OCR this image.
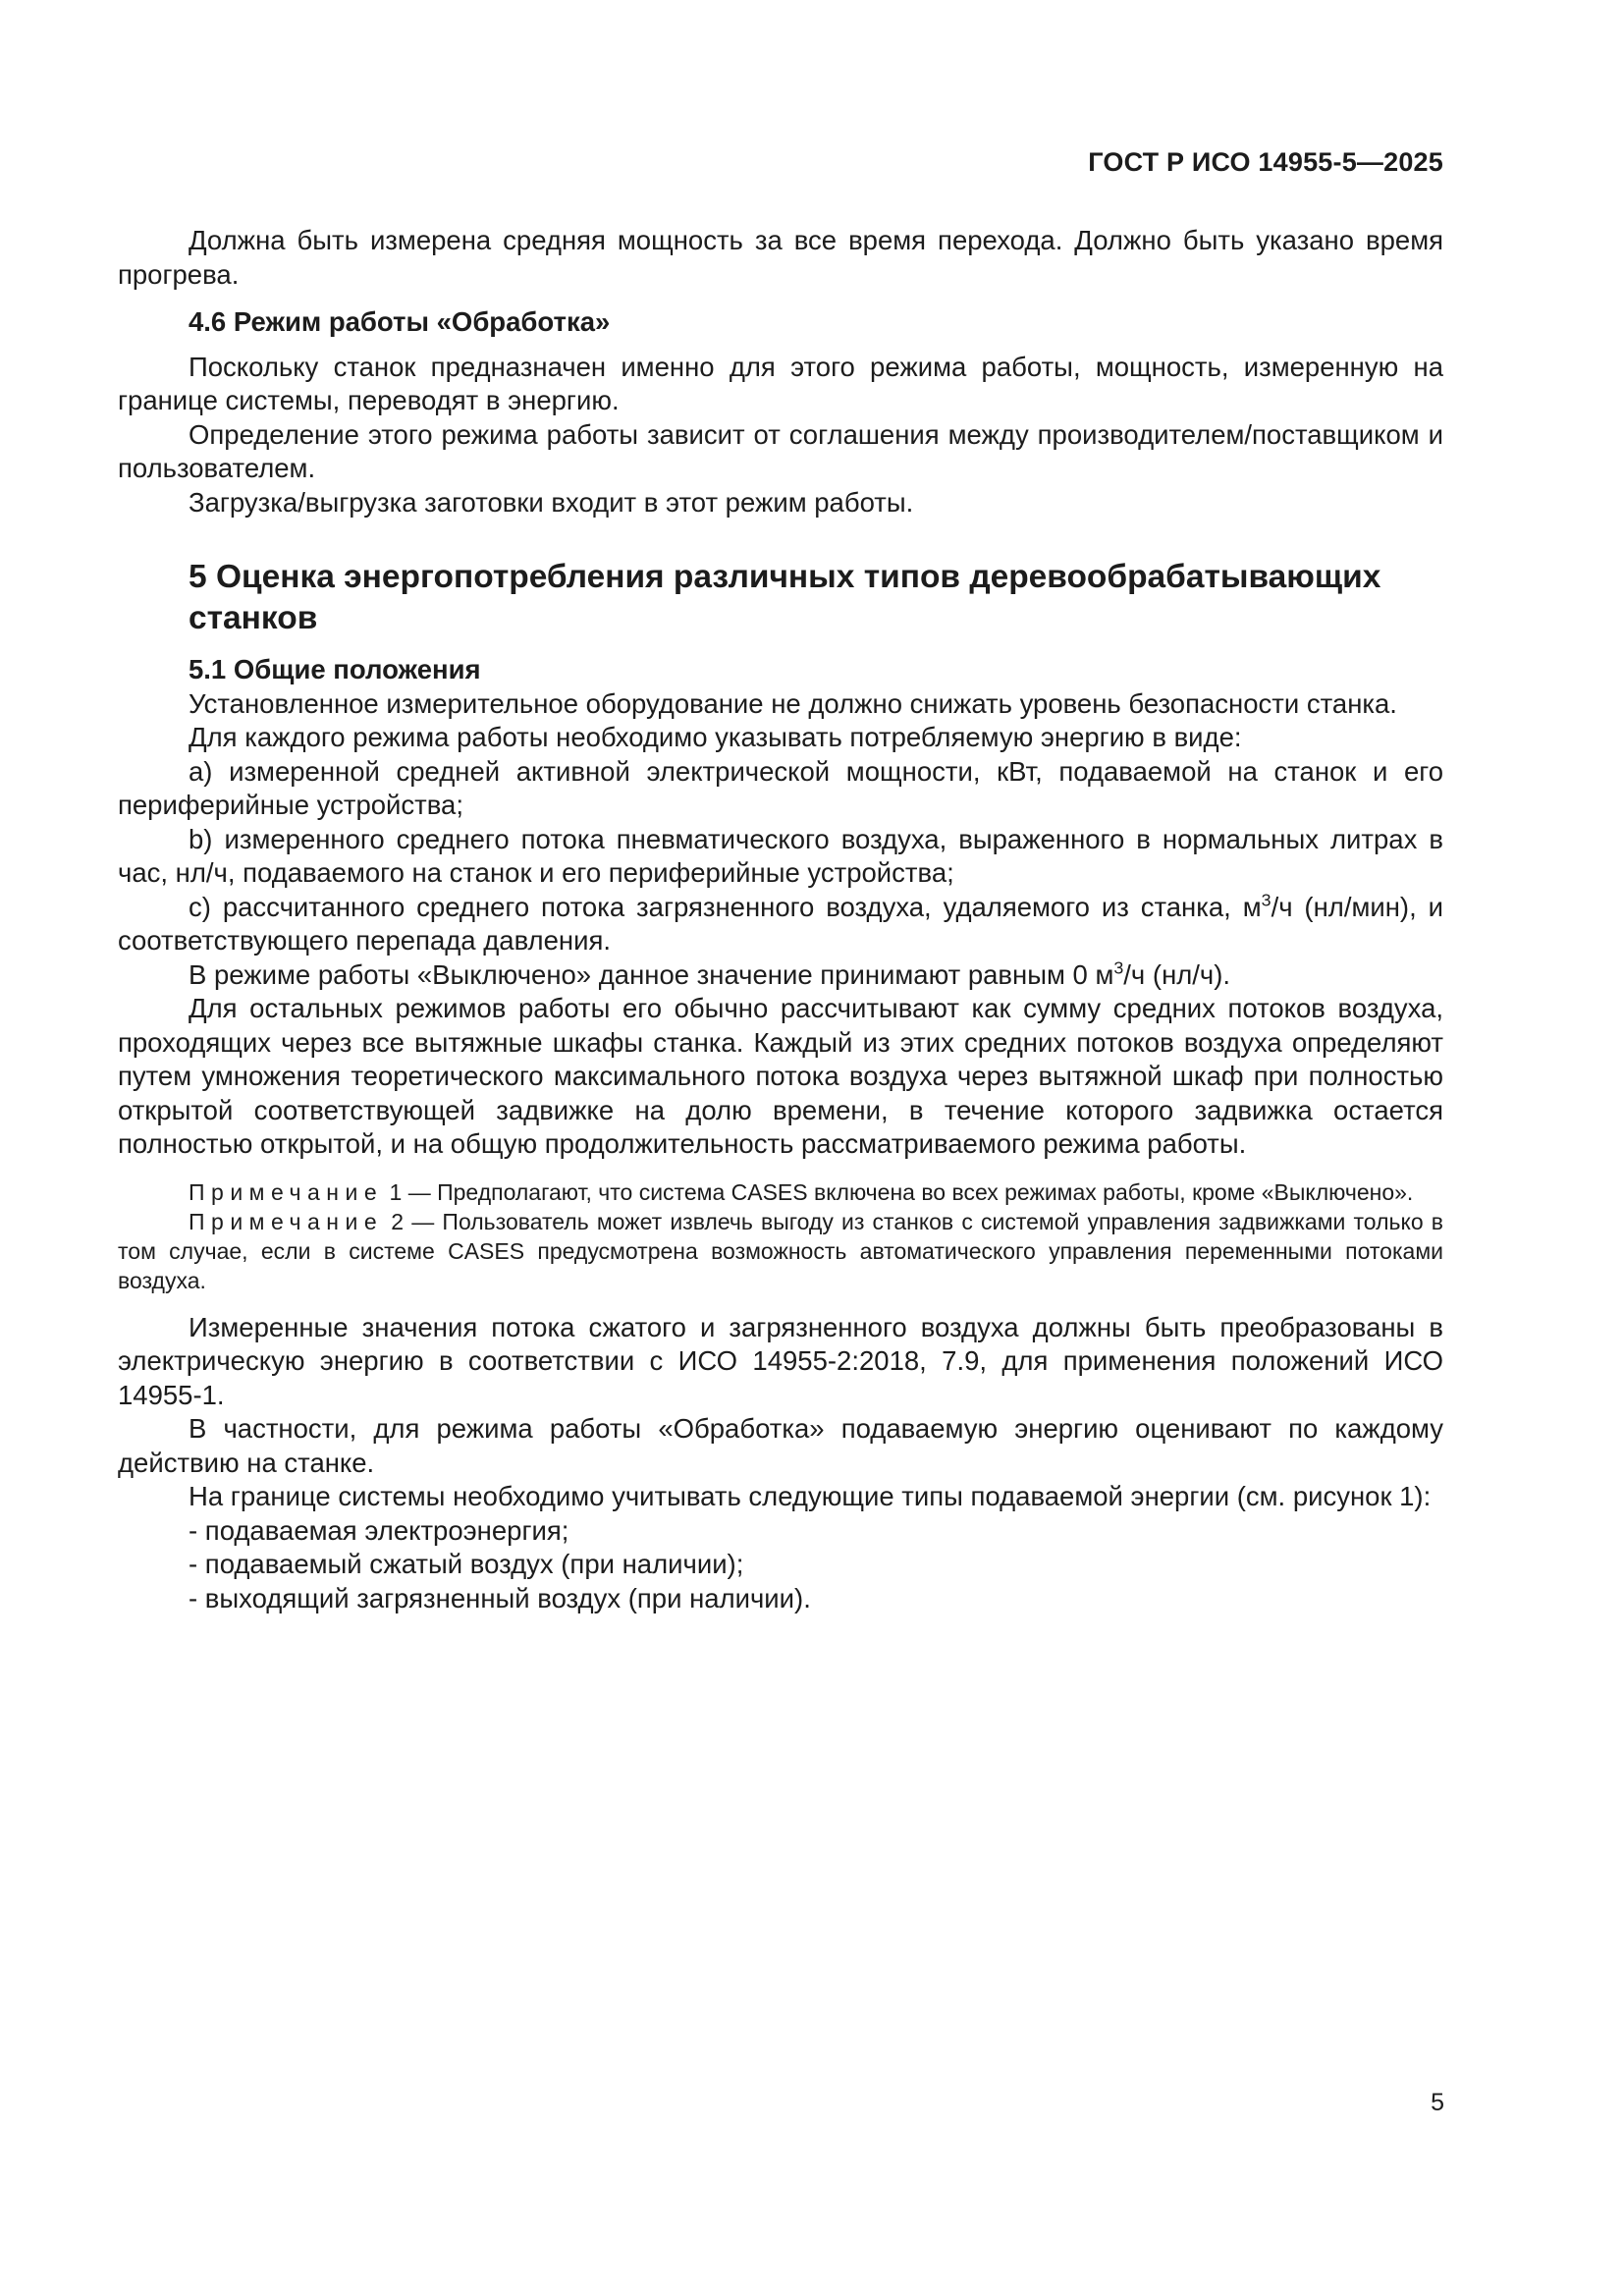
ГОСТ Р ИСО 14955-5—2025

Должна быть измерена средняя мощность за все время перехода. Должно быть указано время прогрева.

4.6 Режим работы «Обработка»

Поскольку станок предназначен именно для этого режима работы, мощность, измеренную на границе системы, переводят в энергию.

Определение этого режима работы зависит от соглашения между производителем/поставщиком и пользователем.

Загрузка/выгрузка заготовки входит в этот режим работы.

5 Оценка энергопотребления различных типов деревообрабатывающих станков

5.1 Общие положения

Установленное измерительное оборудование не должно снижать уровень безопасности станка.

Для каждого режима работы необходимо указывать потребляемую энергию в виде:

a) измеренной средней активной электрической мощности, кВт, подаваемой на станок и его периферийные устройства;

b) измеренного среднего потока пневматического воздуха, выраженного в нормальных литрах в час, нл/ч, подаваемого на станок и его периферийные устройства;

c) рассчитанного среднего потока загрязненного воздуха, удаляемого из станка, $м^3/ч$ (нл/мин), и соответствующего перепада давления.

В режиме работы «Выключено» данное значение принимают равным 0 $м^3/ч$ (нл/ч).

Для остальных режимов работы его обычно рассчитывают как сумму средних потоков воздуха, проходящих через все вытяжные шкафы станка. Каждый из этих средних потоков воздуха определяют путем умножения теоретического максимального потока воздуха через вытяжной шкаф при полностью открытой соответствующей задвижке на долю времени, в течение которого задвижка остается полностью открытой, и на общую продолжительность рассматриваемого режима работы.

Примечание 1 — Предполагают, что система CASES включена во всех режимах работы, кроме «Выключено».

Примечание 2 — Пользователь может извлечь выгоду из станков с системой управления задвижками только в том случае, если в системе CASES предусмотрена возможность автоматического управления переменными потоками воздуха.

Измеренные значения потока сжатого и загрязненного воздуха должны быть преобразованы в электрическую энергию в соответствии с ИСО 14955-2:2018, 7.9, для применения положений ИСО 14955-1.

В частности, для режима работы «Обработка» подаваемую энергию оценивают по каждому действию на станке.

На границе системы необходимо учитывать следующие типы подаваемой энергии (см. рисунок 1):

- подаваемая электроэнергия;

- подаваемый сжатый воздух (при наличии);

- выходящий загрязненный воздух (при наличии).

5
